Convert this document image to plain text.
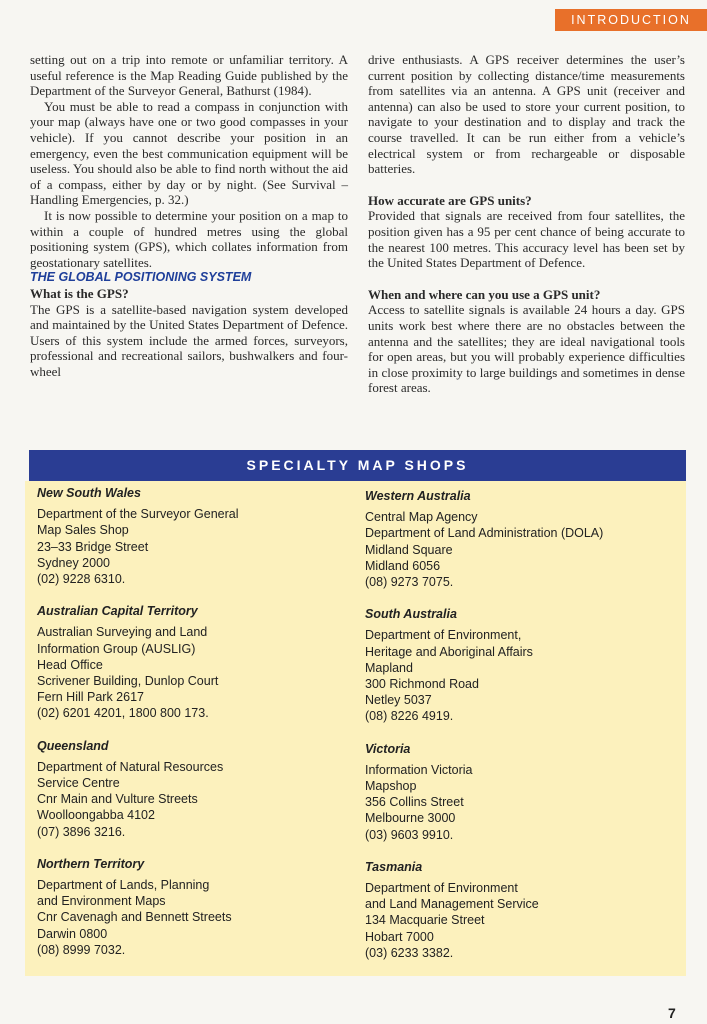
INTRODUCTION

setting out on a trip into remote or unfamiliar territory. A useful reference is the Map Reading Guide published by the Department of the Surveyor General, Bathurst (1984).

You must be able to read a compass in conjunction with your map (always have one or two good compasses in your vehicle). If you cannot describe your position in an emergency, even the best communication equipment will be useless. You should also be able to find north without the aid of a compass, either by day or by night. (See Survival – Handling Emergencies, p. 32.)

It is now possible to determine your position on a map to within a couple of hundred metres using the global positioning system (GPS), which collates information from geostationary satellites.

THE GLOBAL POSITIONING SYSTEM

What is the GPS?

The GPS is a satellite-based navigation system developed and maintained by the United States Department of Defence. Users of this system include the armed forces, surveyors, professional and recreational sailors, bushwalkers and four-wheel

drive enthusiasts. A GPS receiver determines the user’s current position by collecting distance/time measurements from satellites via an antenna. A GPS unit (receiver and antenna) can also be used to store your current position, to navigate to your destination and to display and track the course travelled. It can be run either from a vehicle’s electrical system or from rechargeable or disposable batteries.

How accurate are GPS units?

Provided that signals are received from four satellites, the position given has a 95 per cent chance of being accurate to the nearest 100 metres. This accuracy level has been set by the United States Department of Defence.

When and where can you use a GPS unit?

Access to satellite signals is available 24 hours a day. GPS units work best where there are no obstacles between the antenna and the satellites; they are ideal navigational tools for open areas, but you will probably experience difficulties in close proximity to large buildings and sometimes in dense forest areas.

SPECIALTY MAP SHOPS
New South Wales
Department of the Surveyor General
Map Sales Shop
23–33 Bridge Street
Sydney 2000
(02) 9228 6310.
Australian Capital Territory
Australian Surveying and Land
Information Group (AUSLIG)
Head Office
Scrivener Building, Dunlop Court
Fern Hill Park 2617
(02) 6201 4201, 1800 800 173.
Queensland
Department of Natural Resources
Service Centre
Cnr Main and Vulture Streets
Woolloongabba 4102
(07) 3896 3216.
Northern Territory
Department of Lands, Planning
and Environment Maps
Cnr Cavenagh and Bennett Streets
Darwin 0800
(08) 8999 7032.
Western Australia
Central Map Agency
Department of Land Administration (DOLA)
Midland Square
Midland 6056
(08) 9273 7075.
South Australia
Department of Environment,
Heritage and Aboriginal Affairs
Mapland
300 Richmond Road
Netley 5037
(08) 8226 4919.
Victoria
Information Victoria
Mapshop
356 Collins Street
Melbourne 3000
(03) 9603 9910.
Tasmania
Department of Environment
and Land Management Service
134 Macquarie Street
Hobart 7000
(03) 6233 3382.
7
